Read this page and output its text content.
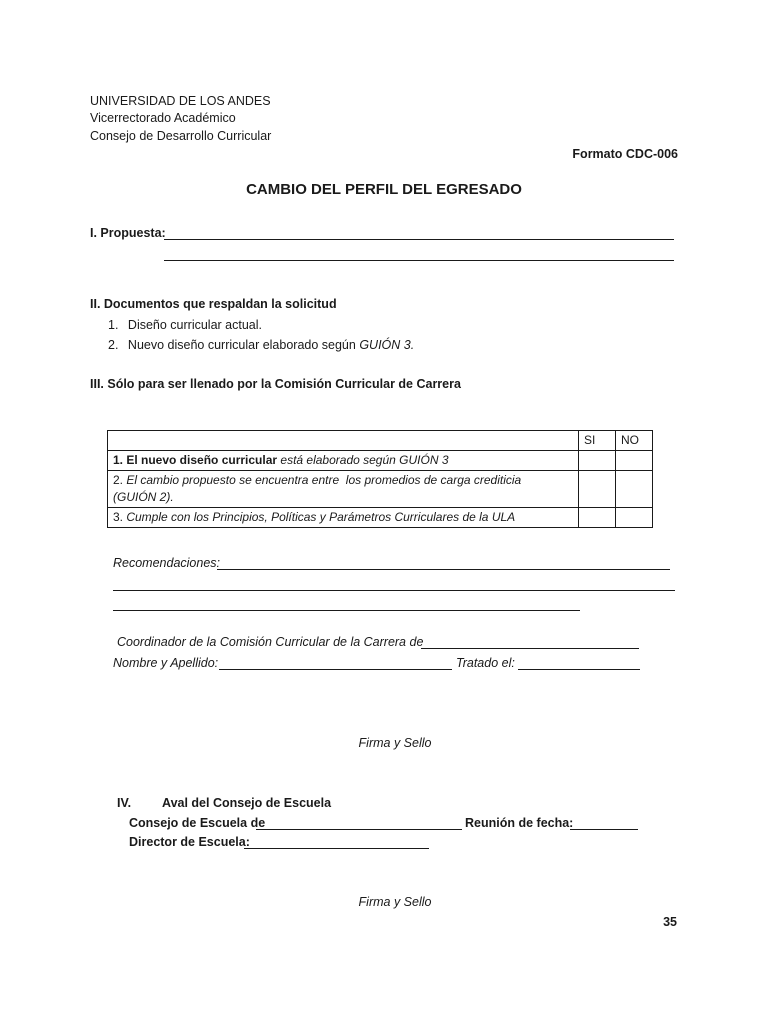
UNIVERSIDAD DE LOS ANDES
Vicerrectorado Académico
Consejo de Desarrollo Curricular
Formato CDC-006
CAMBIO DEL PERFIL DEL EGRESADO
I. Propuesta:
II. Documentos que respaldan la solicitud
1. Diseño curricular actual.
2. Nuevo diseño curricular elaborado según GUIÓN 3.
III. Sólo para ser llenado por la Comisión Curricular de Carrera
	SI	NO
1. El nuevo diseño curricular está elaborado según GUIÓN 3		
2. El cambio propuesto se encuentra entre  los promedios de carga crediticia
(GUIÓN 2).		
3. Cumple con los Principios, Políticas y Parámetros Curriculares de la ULA		
Recomendaciones:
Coordinador de la Comisión Curricular de la Carrera de
Nombre y Apellido:	Tratado el:
Firma y Sello
IV. Aval del Consejo de Escuela
Consejo de Escuela de	Reunión de fecha:
Director de Escuela:
Firma y Sello
35
